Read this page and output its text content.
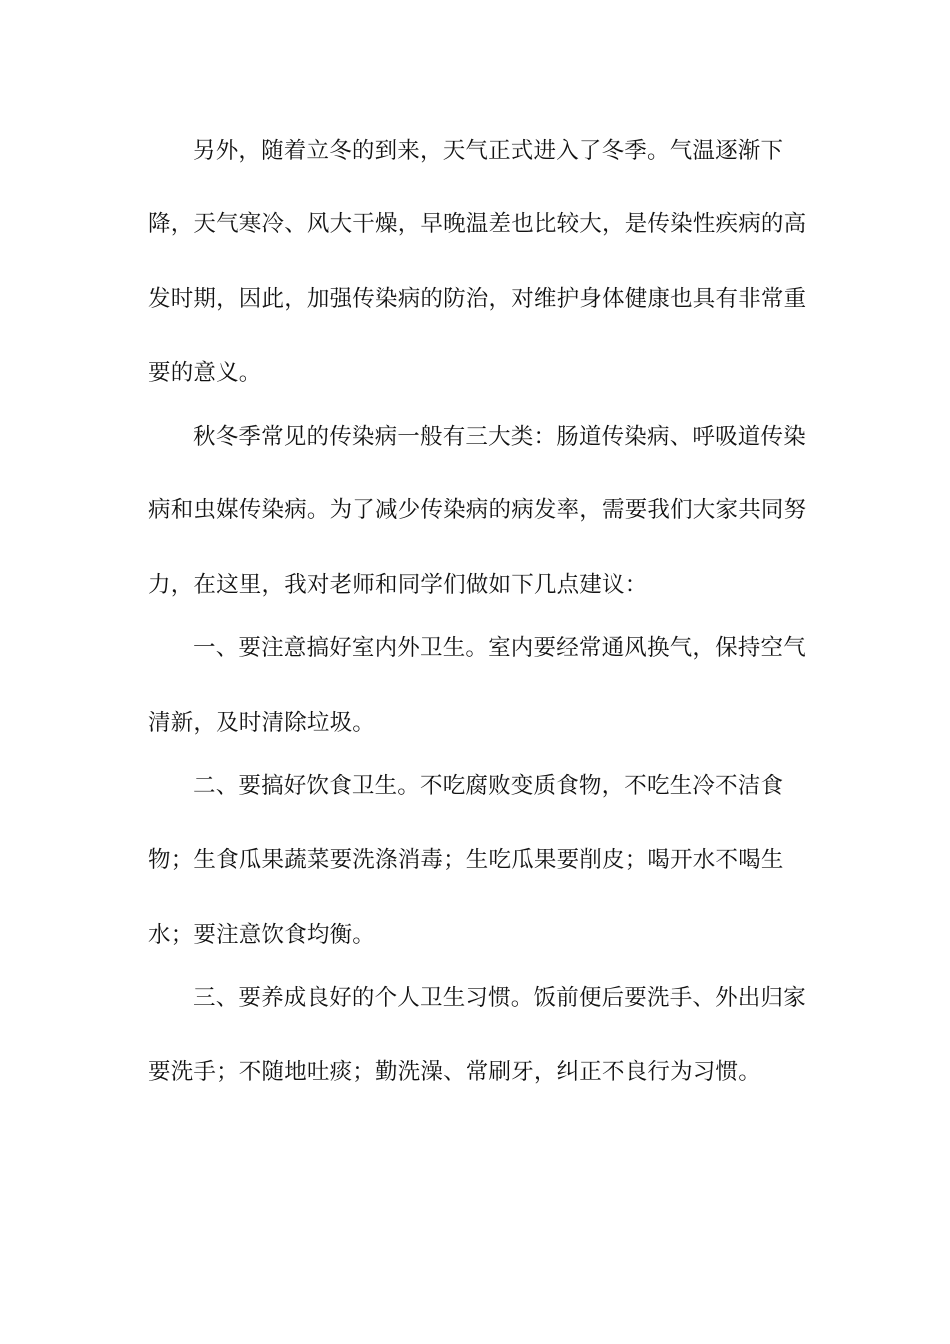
另外，随着立冬的到来，天气正式进入了冬季。气温逐渐下
降，天气寒冷、风大干燥，早晚温差也比较大，是传染性疾病的高
发时期，因此，加强传染病的防治，对维护身体健康也具有非常重
要的意义。
秋冬季常见的传染病一般有三大类：肠道传染病、呼吸道传染
病和虫媒传染病。为了减少传染病的病发率，需要我们大家共同努
力，在这里，我对老师和同学们做如下几点建议：
一、要注意搞好室内外卫生。室内要经常通风换气，保持空气
清新，及时清除垃圾。
二、要搞好饮食卫生。不吃腐败变质食物，不吃生冷不洁食
物；生食瓜果蔬菜要洗涤消毒；生吃瓜果要削皮；喝开水不喝生
水；要注意饮食均衡。
三、要养成良好的个人卫生习惯。饭前便后要洗手、外出归家
要洗手；不随地吐痰；勤洗澡、常刷牙，纠正不良行为习惯。
